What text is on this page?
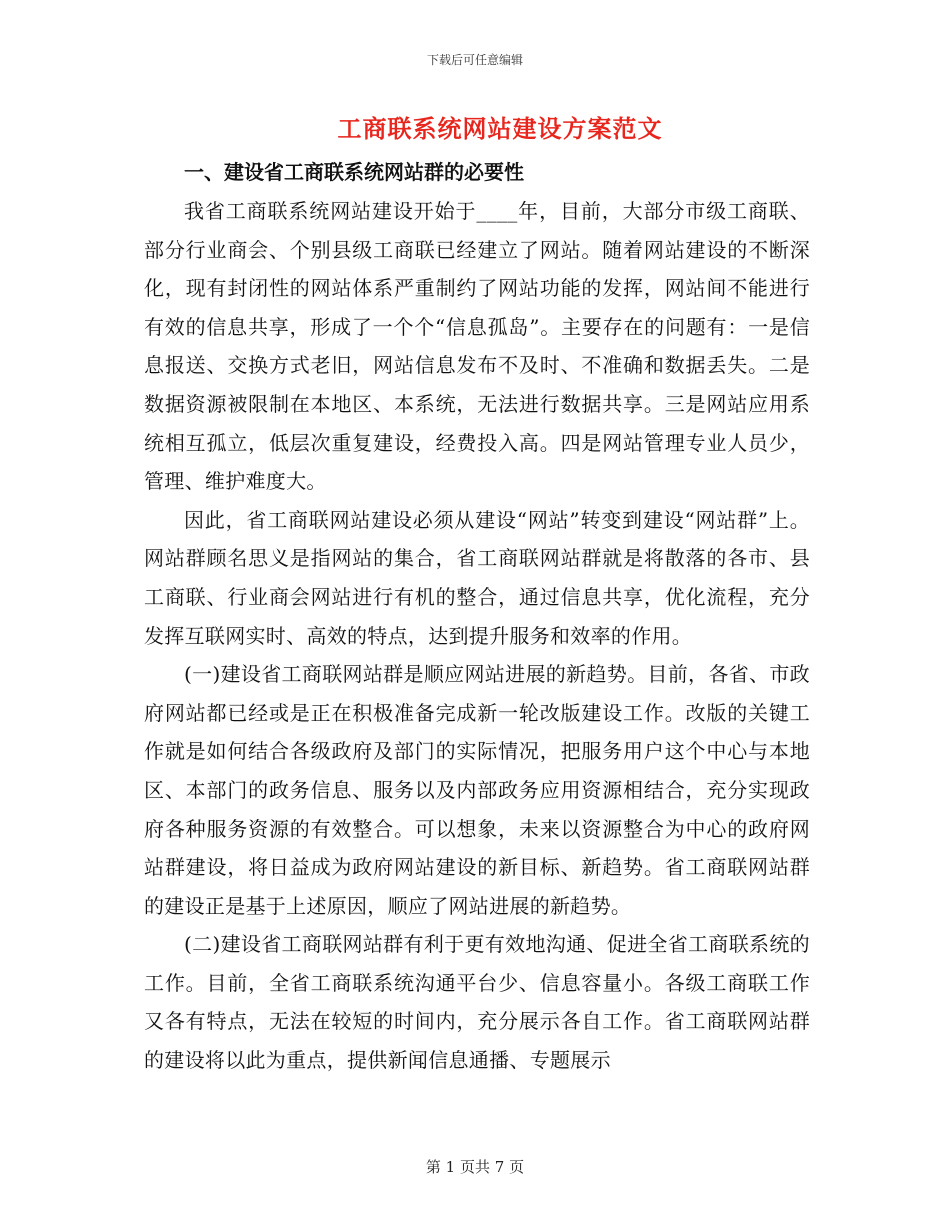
下载后可任意编辑
工商联系统网站建设方案范文

一、建设省工商联系统网站群的必要性

我省工商联系统网站建设开始于____年，目前，大部分市级工商联、部分行业商会、个别县级工商联已经建立了网站。随着网站建设的不断深化，现有封闭性的网站体系严重制约了网站功能的发挥，网站间不能进行有效的信息共享，形成了一个个“信息孤岛”。主要存在的问题有：一是信息报送、交换方式老旧，网站信息发布不及时、不准确和数据丢失。二是数据资源被限制在本地区、本系统，无法进行数据共享。三是网站应用系统相互孤立，低层次重复建设，经费投入高。四是网站管理专业人员少，管理、维护难度大。

因此，省工商联网站建设必须从建设“网站”转变到建设“网站群”上。网站群顾名思义是指网站的集合，省工商联网站群就是将散落的各市、县工商联、行业商会网站进行有机的整合，通过信息共享，优化流程，充分发挥互联网实时、高效的特点，达到提升服务和效率的作用。

(一)建设省工商联网站群是顺应网站进展的新趋势。目前，各省、市政府网站都已经或是正在积极准备完成新一轮改版建设工作。改版的关键工作就是如何结合各级政府及部门的实际情况，把服务用户这个中心与本地区、本部门的政务信息、服务以及内部政务应用资源相结合，充分实现政府各种服务资源的有效整合。可以想象，未来以资源整合为中心的政府网站群建设，将日益成为政府网站建设的新目标、新趋势。省工商联网站群的建设正是基于上述原因，顺应了网站进展的新趋势。

(二)建设省工商联网站群有利于更有效地沟通、促进全省工商联系统的工作。目前，全省工商联系统沟通平台少、信息容量小。各级工商联工作又各有特点，无法在较短的时间内，充分展示各自工作。省工商联网站群的建设将以此为重点，提供新闻信息通播、专题展示

第 1 页共 7 页
